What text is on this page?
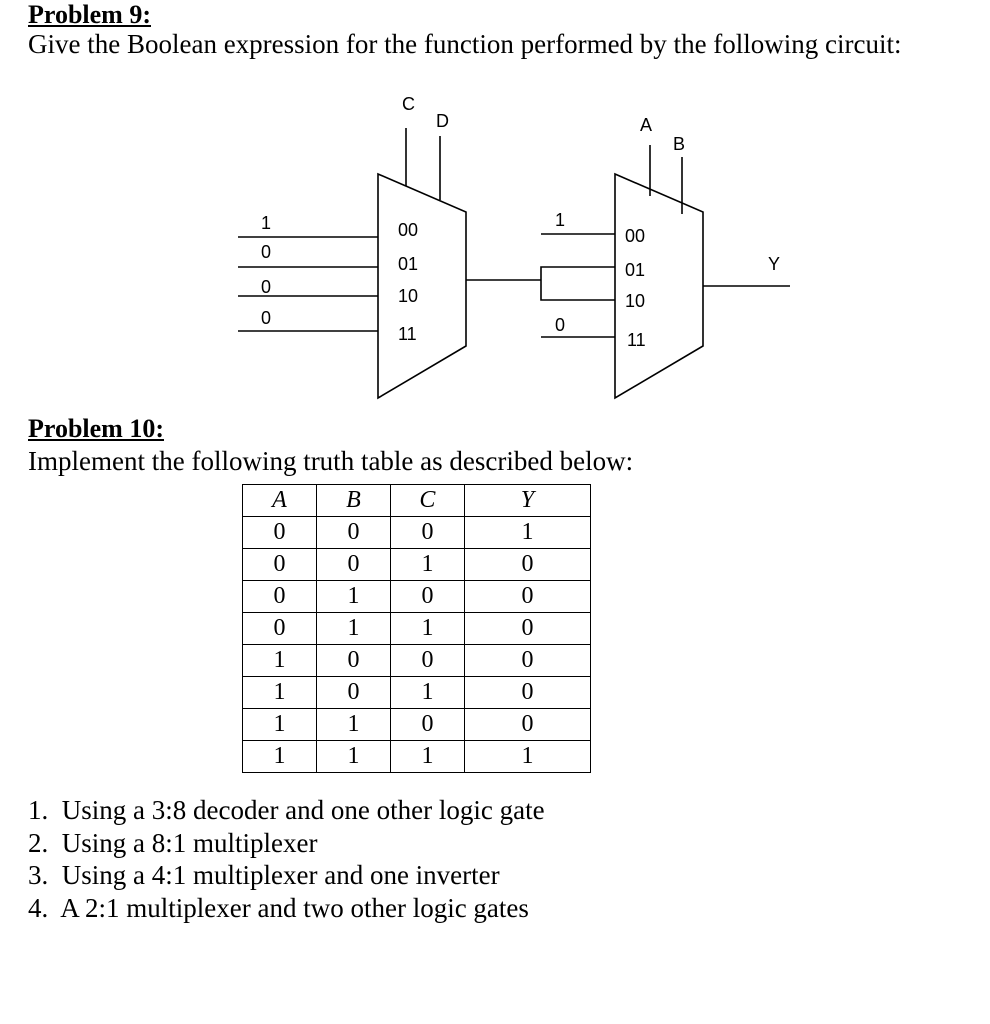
Problem 9:
Give the Boolean expression for the function performed by the following circuit:
C
D
1
0
0
0
00
01
10
11
A
B
1
0
00
01
10
11
Y
Problem 10:
Implement the following truth table as described below:
A	B	C	Y
0	0	0	1
0	0	1	0
0	1	0	0
0	1	1	0
1	0	0	0
1	0	1	0
1	1	0	0
1	1	1	1
1.  Using a 3:8 decoder and one other logic gate
2.  Using a 8:1 multiplexer
3.  Using a 4:1 multiplexer and one inverter
4.  A 2:1 multiplexer and two other logic gates
